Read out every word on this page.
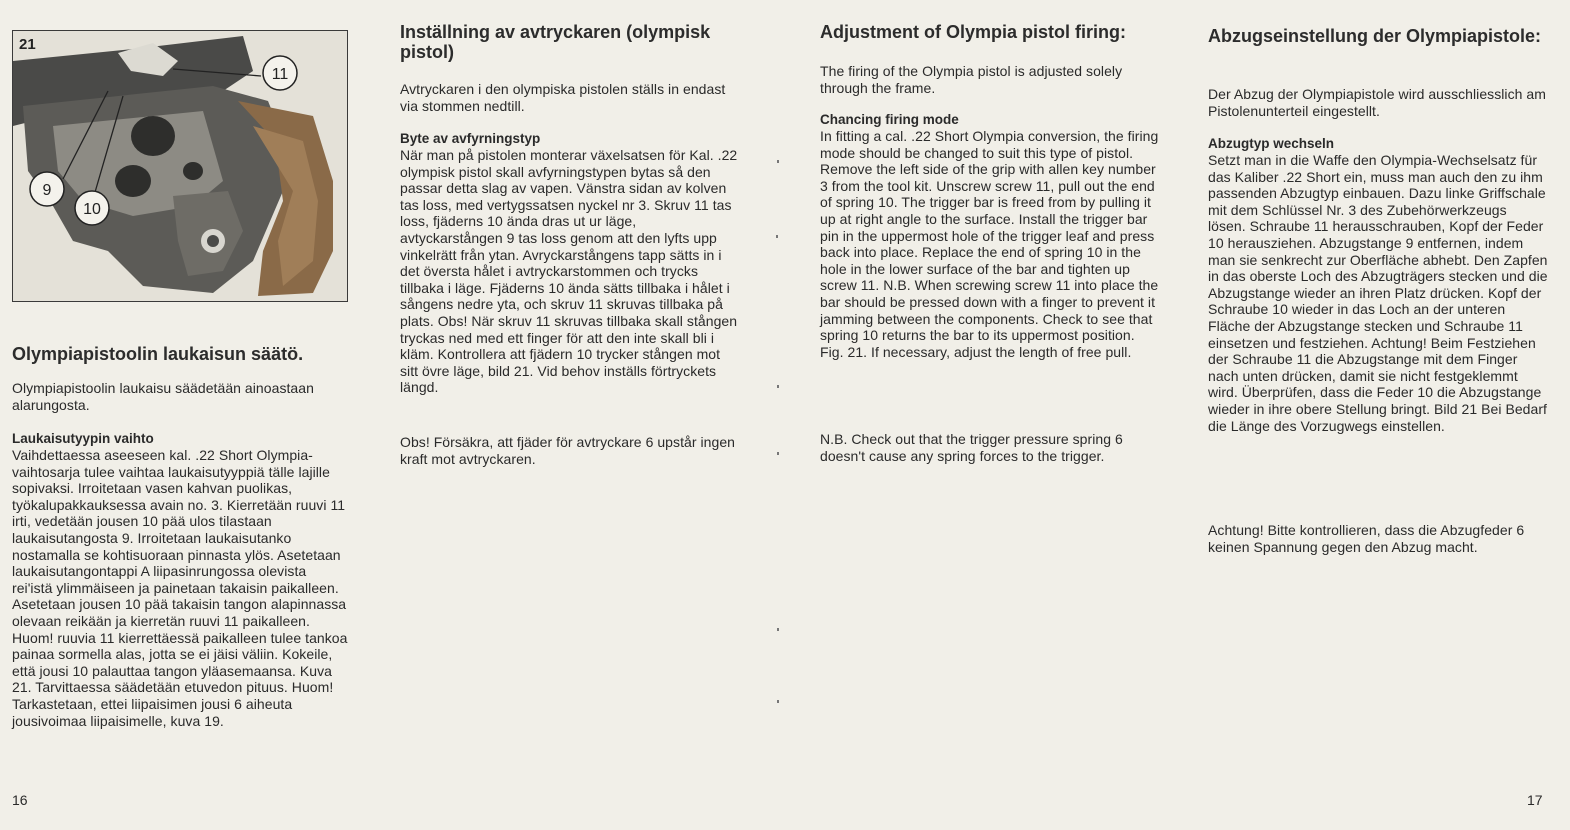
21
11
9
10
Olympiapistoolin laukaisun säätö.

Olympiapistoolin laukaisu säädetään ainoastaan alarungosta.

Laukaisutyypin vaihto

Vaihdettaessa aseeseen kal. .22 Short Olympia-vaihtosarja tulee vaihtaa laukaisutyyppiä tälle lajille sopivaksi. Irroitetaan vasen kahvan puolikas, työkalupakkauksessa avain no. 3. Kierretään ruuvi 11 irti, vedetään jousen 10 pää ulos tilastaan laukaisutangosta 9. Irroitetaan laukaisutanko nostamalla se kohtisuoraan pinnasta ylös. Asetetaan laukaisutangontappi A liipasinrungossa olevista rei'istä ylimmäiseen ja painetaan takaisin paikalleen. Asetetaan jousen 10 pää takaisin tangon alapinnassa olevaan reikään ja kierretän ruuvi 11 paikalleen. Huom! ruuvia 11 kierrettäessä paikalleen tulee tankoa painaa sormella alas, jotta se ei jäisi väliin. Kokeile, että jousi 10 palauttaa tangon yläasemaansa. Kuva 21. Tarvittaessa säädetään etuvedon pituus. Huom! Tarkastetaan, ettei liipaisimen jousi 6 aiheuta jousivoimaa liipaisimelle, kuva 19.

Inställning av avtryckaren (olympisk pistol)

Avtryckaren i den olympiska pistolen ställs in endast via stommen nedtill.

Byte av avfyrningstyp

När man på pistolen monterar växelsatsen för Kal. .22 olympisk pistol skall avfyrningstypen bytas så den passar detta slag av vapen. Vänstra sidan av kolven tas loss, med vertygssatsen nyckel nr 3. Skruv 11 tas loss, fjäderns 10 ända dras ut ur läge, avtyckarstången 9 tas loss genom att den lyfts upp vinkelrätt från ytan. Avryckarstångens tapp sätts in i det översta hålet i avtryckarstommen och trycks tillbaka i läge. Fjäderns 10 ända sätts tillbaka i hålet i sångens nedre yta, och skruv 11 skruvas tillbaka på plats. Obs! När skruv 11 skruvas tillbaka skall stången tryckas ned med ett finger för att den inte skall bli i kläm. Kontrollera att fjädern 10 trycker stången mot sitt övre läge, bild 21. Vid behov inställs förtryckets längd.

Obs! Försäkra, att fjäder för avtryckare 6 upstår ingen kraft mot avtryckaren.

Adjustment of Olympia pistol firing:

The firing of the Olympia pistol is adjusted solely through the frame.

Chancing firing mode

In fitting a cal. .22 Short Olympia conversion, the firing mode should be changed to suit this type of pistol. Remove the left side of the grip with allen key number 3 from the tool kit. Unscrew screw 11, pull out the end of spring 10. The trigger bar is freed from by pulling it up at right angle to the surface. Install the trigger bar pin in the uppermost hole of the trigger leaf and press back into place. Replace the end of spring 10 in the hole in the lower surface of the bar and tighten up screw 11. N.B. When screwing screw 11 into place the bar should be pressed down with a finger to prevent it jamming between the components. Check to see that spring 10 returns the bar to its uppermost position. Fig. 21. If necessary, adjust the length of free pull.

N.B. Check out that the trigger pressure spring 6 doesn't cause any spring forces to the trigger.

Abzugseinstellung der Olympiapistole:

Der Abzug der Olympiapistole wird ausschliesslich am Pistolenunterteil eingestellt.

Abzugtyp wechseln

Setzt man in die Waffe den Olympia-Wechselsatz für das Kaliber .22 Short ein, muss man auch den zu ihm passenden Abzugtyp einbauen. Dazu linke Griffschale mit dem Schlüssel Nr. 3 des Zubehörwerkzeugs lösen. Schraube 11 herausschrauben, Kopf der Feder 10 herausziehen. Abzugstange 9 entfernen, indem man sie senkrecht zur Oberfläche abhebt. Den Zapfen in das oberste Loch des Abzugträgers stecken und die Abzugstange wieder an ihren Platz drücken. Kopf der Schraube 10 wieder in das Loch an der unteren Fläche der Abzugstange stecken und Schraube 11 einsetzen und festziehen. Achtung! Beim Festziehen der Schraube 11 die Abzugstange mit dem Finger nach unten drücken, damit sie nicht festgeklemmt wird. Überprüfen, dass die Feder 10 die Abzugstange wieder in ihre obere Stellung bringt. Bild 21 Bei Bedarf die Länge des Vorzugwegs einstellen.

Achtung! Bitte kontrollieren, dass die Abzugfeder 6 keinen Spannung gegen den Abzug macht.

16	17
